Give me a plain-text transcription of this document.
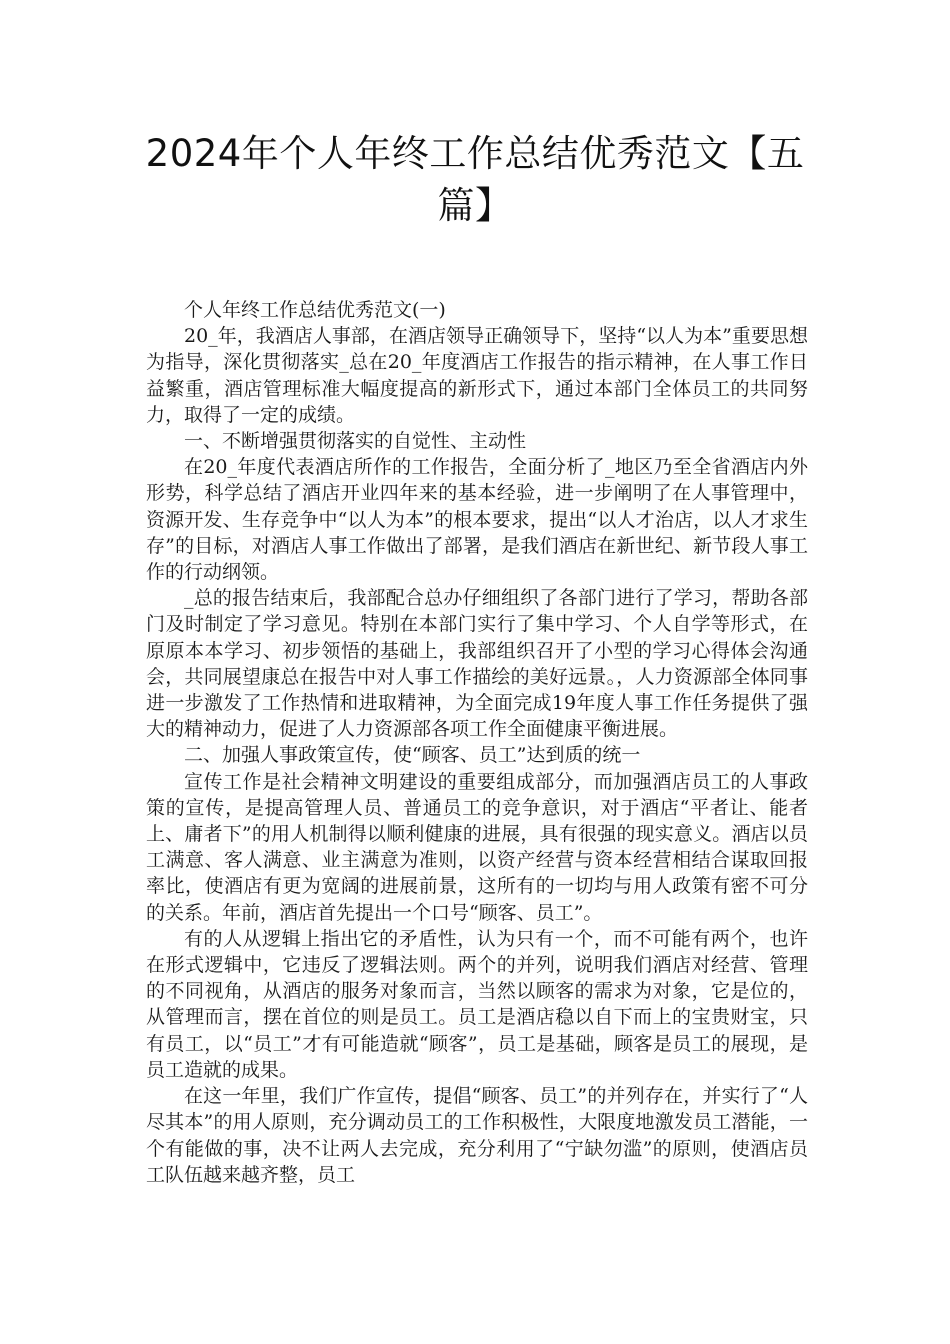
2024年个人年终工作总结优秀范文【五篇】

个人年终工作总结优秀范文(一)

20_年，我酒店人事部，在酒店领导正确领导下，坚持“以人为本”重要思想为指导，深化贯彻落实_总在20_年度酒店工作报告的指示精神，在人事工作日益繁重，酒店管理标准大幅度提高的新形式下，通过本部门全体员工的共同努力，取得了一定的成绩。

一、不断增强贯彻落实的自觉性、主动性

在20_年度代表酒店所作的工作报告，全面分析了_地区乃至全省酒店内外形势，科学总结了酒店开业四年来的基本经验，进一步阐明了在人事管理中，资源开发、生存竞争中“以人为本”的根本要求，提出“以人才治店，以人才求生存”的目标，对酒店人事工作做出了部署，是我们酒店在新世纪、新节段人事工作的行动纲领。

_总的报告结束后，我部配合总办仔细组织了各部门进行了学习，帮助各部门及时制定了学习意见。特别在本部门实行了集中学习、个人自学等形式，在原原本本学习、初步领悟的基础上，我部组织召开了小型的学习心得体会沟通会，共同展望康总在报告中对人事工作描绘的美好远景。，人力资源部全体同事进一步激发了工作热情和进取精神，为全面完成19年度人事工作任务提供了强大的精神动力，促进了人力资源部各项工作全面健康平衡进展。

二、加强人事政策宣传，使“顾客、员工”达到质的统一

宣传工作是社会精神文明建设的重要组成部分，而加强酒店员工的人事政策的宣传，是提高管理人员、普通员工的竞争意识，对于酒店“平者让、能者上、庸者下”的用人机制得以顺利健康的进展，具有很强的现实意义。酒店以员工满意、客人满意、业主满意为准则，以资产经营与资本经营相结合谋取回报率比，使酒店有更为宽阔的进展前景，这所有的一切均与用人政策有密不可分的关系。年前，酒店首先提出一个口号“顾客、员工”。

有的人从逻辑上指出它的矛盾性，认为只有一个，而不可能有两个，也许在形式逻辑中，它违反了逻辑法则。两个的并列，说明我们酒店对经营、管理的不同视角，从酒店的服务对象而言，当然以顾客的需求为对象，它是位的，从管理而言，摆在首位的则是员工。员工是酒店稳以自下而上的宝贵财宝，只有员工，以“员工”才有可能造就“顾客”，员工是基础，顾客是员工的展现，是员工造就的成果。

在这一年里，我们广作宣传，提倡“顾客、员工”的并列存在，并实行了“人尽其本”的用人原则，充分调动员工的工作积极性，大限度地激发员工潜能，一个有能做的事，决不让两人去完成，充分利用了“宁缺勿滥”的原则，使酒店员工队伍越来越齐整，员工
